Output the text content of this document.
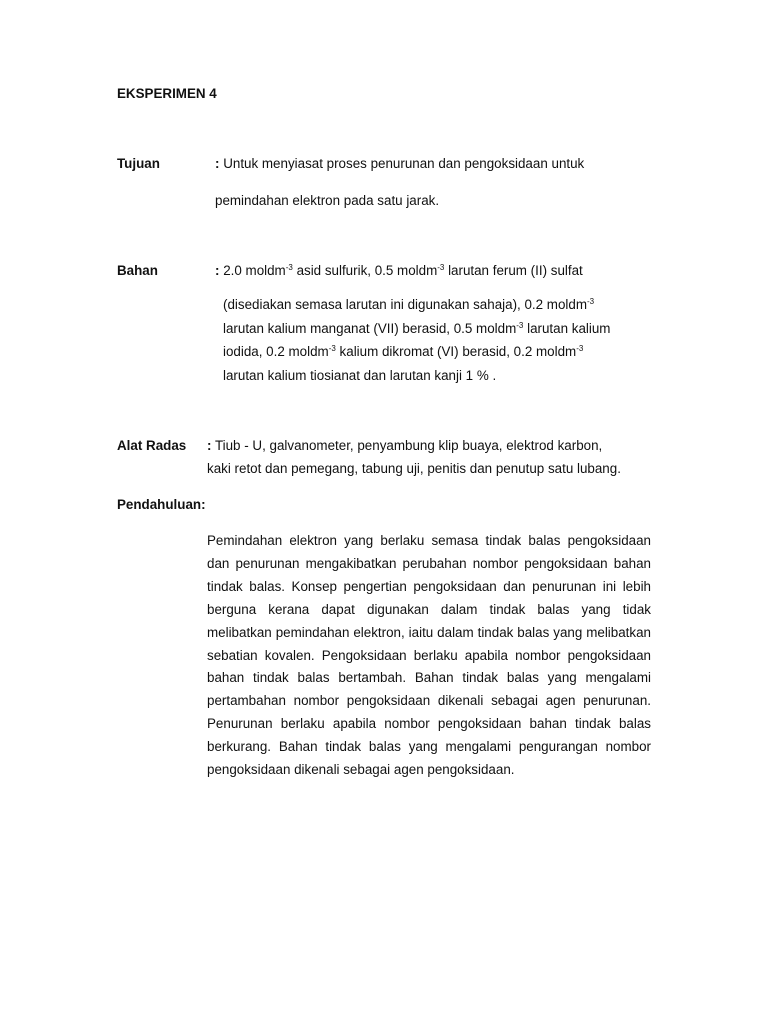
EKSPERIMEN 4
Tujuan	: Untuk menyiasat proses penurunan dan pengoksidaan untuk
pemindahan elektron pada satu jarak.
Bahan	: 2.0 moldm$^{-3}$ asid sulfurik, 0.5 moldm$^{-3}$ larutan ferum (II) sulfat
(disediakan semasa larutan ini digunakan sahaja), 0.2 moldm$^{-3}$
larutan kalium manganat (VII) berasid, 0.5 moldm$^{-3}$ larutan kalium
iodida, 0.2 moldm$^{-3}$ kalium dikromat (VI) berasid, 0.2 moldm$^{-3}$
larutan kalium tiosianat dan larutan kanji 1 % .
Alat Radas : Tiub - U, galvanometer, penyambung klip buaya, elektrod karbon,
kaki retot dan pemegang, tabung uji, penitis dan penutup satu lubang.
Pendahuluan:

Pemindahan elektron yang berlaku semasa tindak balas pengoksidaan dan penurunan mengakibatkan perubahan nombor pengoksidaan bahan tindak balas. Konsep pengertian pengoksidaan dan penurunan ini lebih berguna kerana dapat digunakan dalam tindak balas yang tidak melibatkan pemindahan elektron, iaitu dalam tindak balas yang melibatkan sebatian kovalen. Pengoksidaan berlaku apabila nombor pengoksidaan bahan tindak balas bertambah. Bahan tindak balas yang mengalami pertambahan nombor pengoksidaan dikenali sebagai agen penurunan. Penurunan berlaku apabila nombor pengoksidaan bahan tindak balas berkurang. Bahan tindak balas yang mengalami pengurangan nombor pengoksidaan dikenali sebagai agen pengoksidaan.
